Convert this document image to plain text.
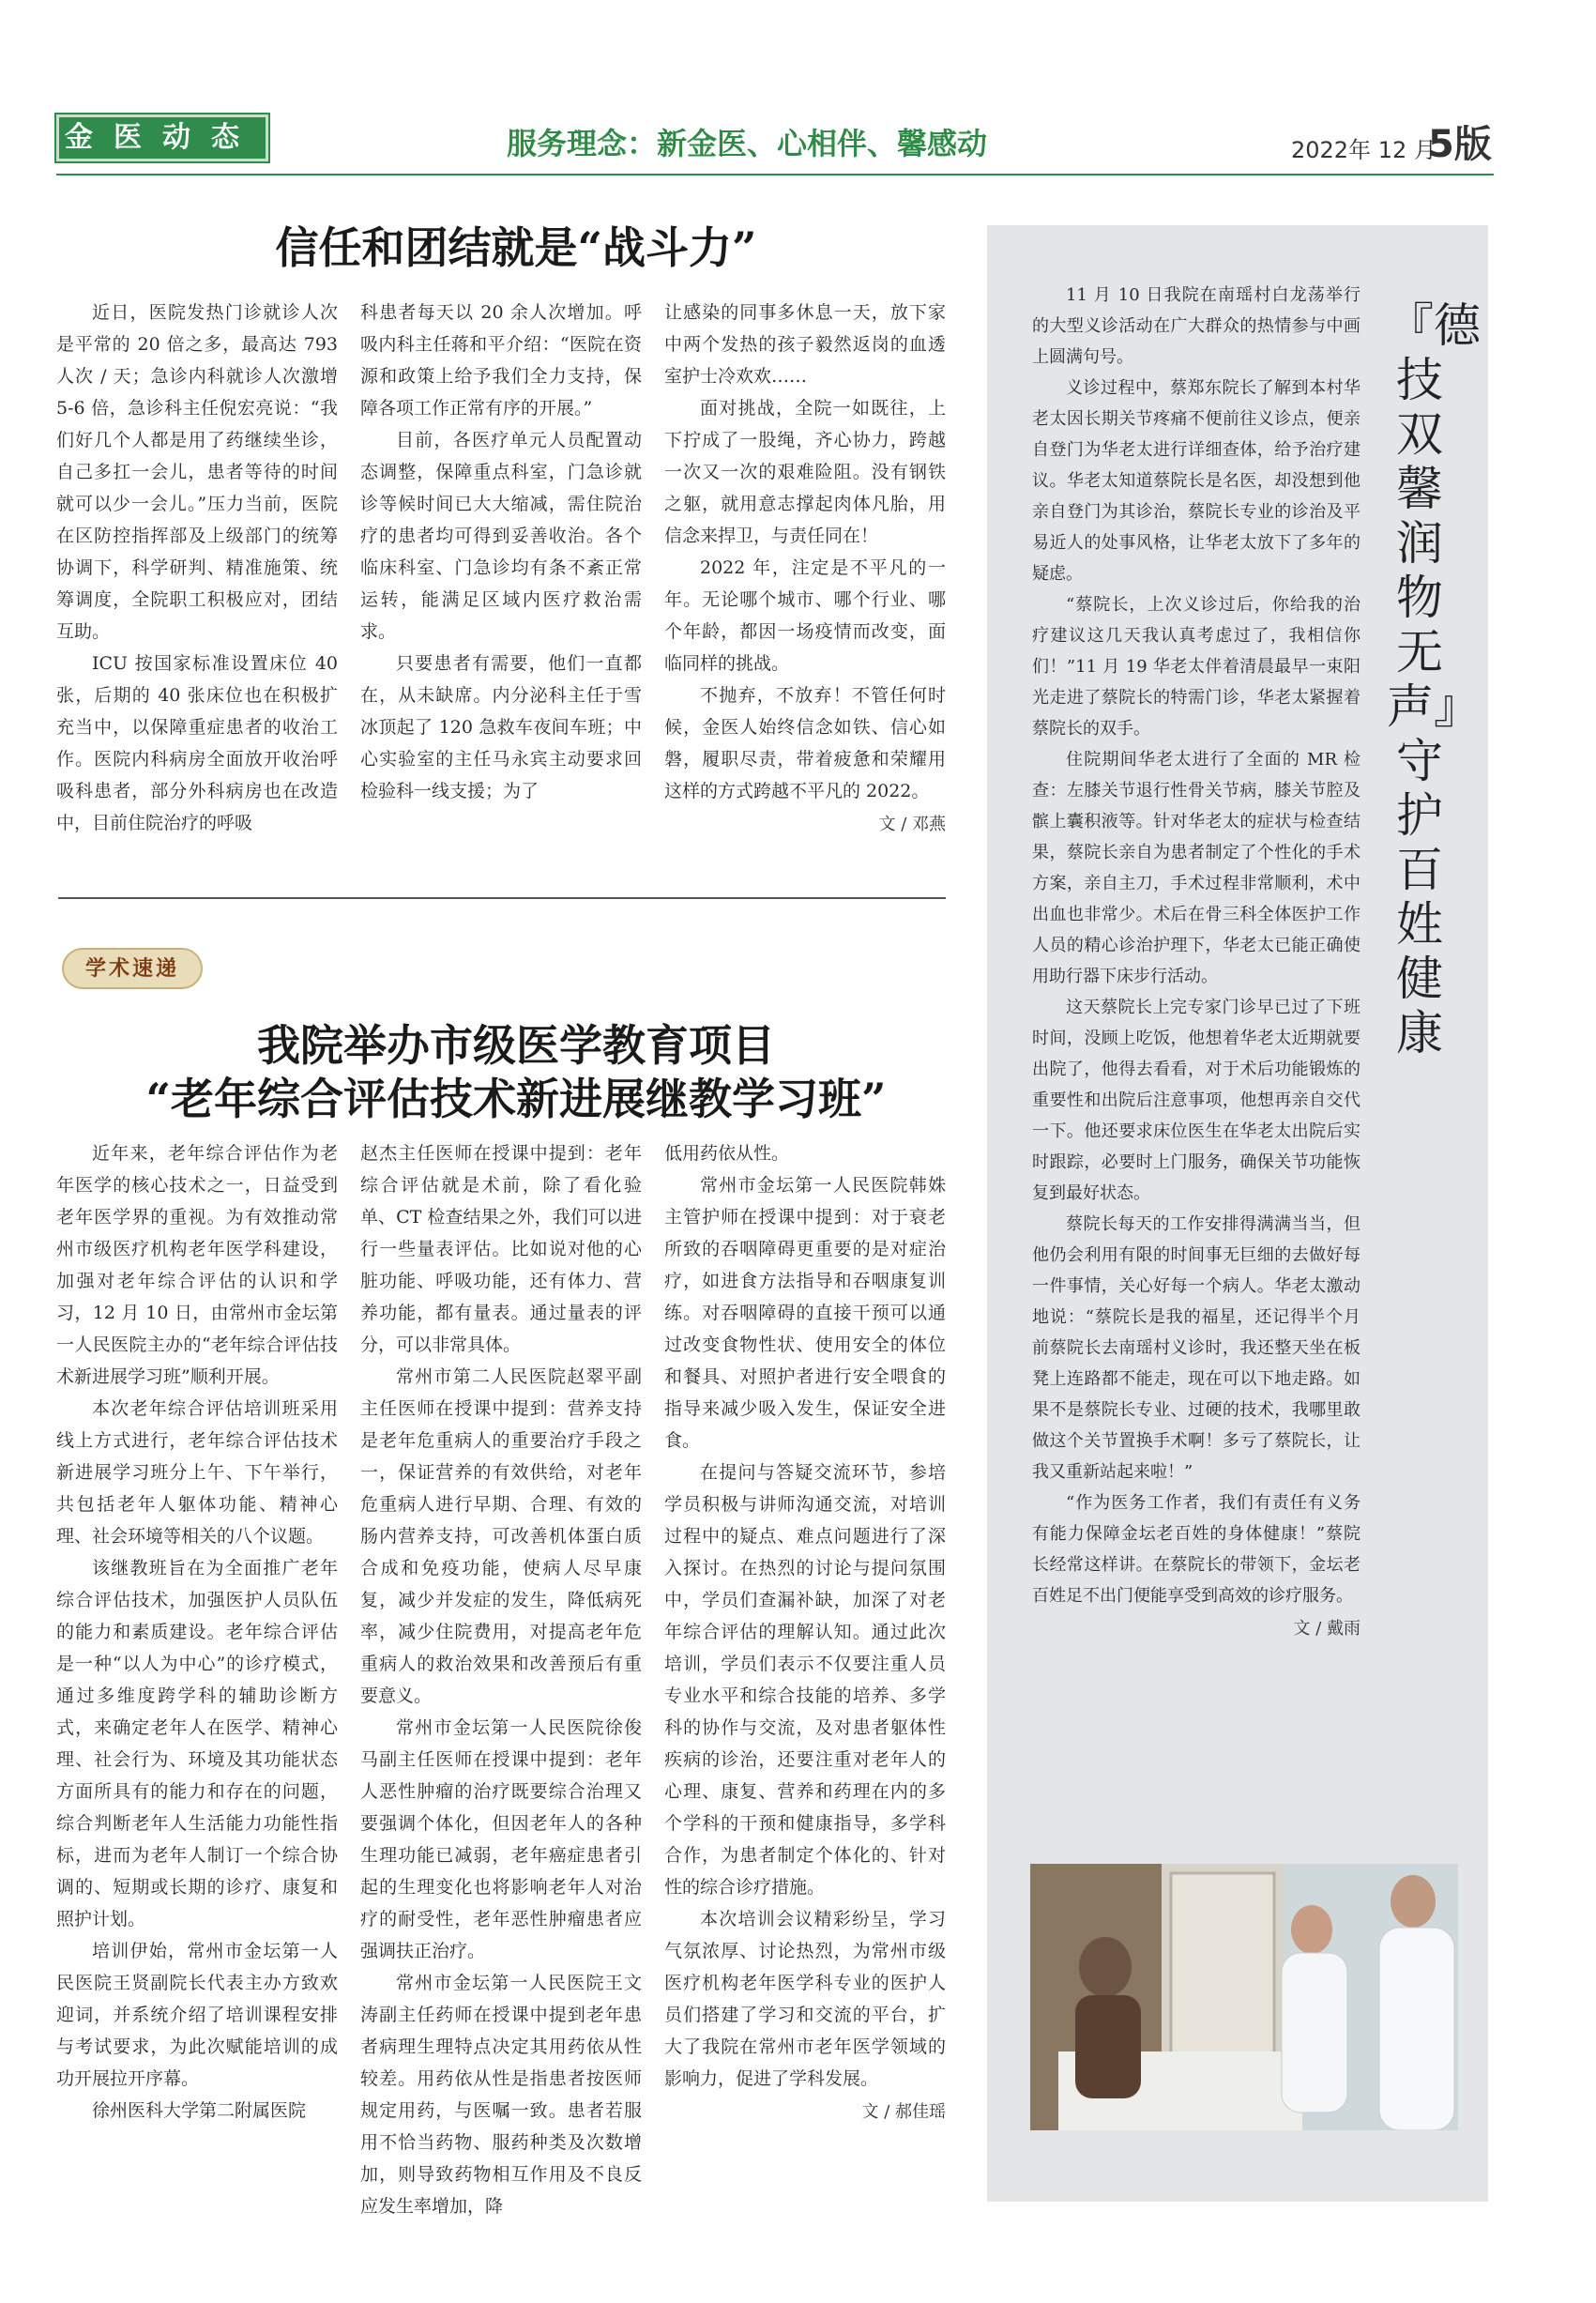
金医动态	服务理念：新金医、心相伴、馨感动	2022年 12 月
5版
信任和团结就是“战斗力”

近日，医院发热门诊就诊人次是平常的 20 倍之多，最高达 793 人次 / 天；急诊内科就诊人次激增 5-6 倍，急诊科主任倪宏亮说：“我们好几个人都是用了药继续坐诊，自己多扛一会儿，患者等待的时间就可以少一会儿。”压力当前，医院在区防控指挥部及上级部门的统筹协调下，科学研判、精准施策、统筹调度，全院职工积极应对，团结互助。

ICU 按国家标准设置床位 40 张，后期的 40 张床位也在积极扩充当中，以保障重症患者的收治工作。医院内科病房全面放开收治呼吸科患者，部分外科病房也在改造中，目前住院治疗的呼吸

科患者每天以 20 余人次增加。呼吸内科主任蒋和平介绍：“医院在资源和政策上给予我们全力支持，保障各项工作正常有序的开展。”

目前，各医疗单元人员配置动态调整，保障重点科室，门急诊就诊等候时间已大大缩减，需住院治疗的患者均可得到妥善收治。各个临床科室、门急诊均有条不紊正常运转，能满足区域内医疗救治需求。

只要患者有需要，他们一直都在，从未缺席。内分泌科主任于雪冰顶起了 120 急救车夜间车班；中心实验室的主任马永宾主动要求回检验科一线支援；为了

让感染的同事多休息一天，放下家中两个发热的孩子毅然返岗的血透室护士冷欢欢……

面对挑战，全院一如既往，上下拧成了一股绳，齐心协力，跨越一次又一次的艰难险阻。没有钢铁之躯，就用意志撑起肉体凡胎，用信念来捍卫，与责任同在！

2022 年，注定是不平凡的一年。无论哪个城市、哪个行业、哪个年龄，都因一场疫情而改变，面临同样的挑战。

不抛弃，不放弃！不管任何时候，金医人始终信念如铁、信心如磐，履职尽责，带着疲惫和荣耀用这样的方式跨越不平凡的 2022。

文 / 邓燕
学术速递
我院举办市级医学教育项目
“老年综合评估技术新进展继教学习班”

近年来，老年综合评估作为老年医学的核心技术之一，日益受到老年医学界的重视。为有效推动常州市级医疗机构老年医学科建设，加强对老年综合评估的认识和学习，12 月 10 日，由常州市金坛第一人民医院主办的“老年综合评估技术新进展学习班”顺利开展。

本次老年综合评估培训班采用线上方式进行，老年综合评估技术新进展学习班分上午、下午举行，共包括老年人躯体功能、精神心理、社会环境等相关的八个议题。

该继教班旨在为全面推广老年综合评估技术，加强医护人员队伍的能力和素质建设。老年综合评估是一种“以人为中心”的诊疗模式，通过多维度跨学科的辅助诊断方式，来确定老年人在医学、精神心理、社会行为、环境及其功能状态方面所具有的能力和存在的问题，综合判断老年人生活能力功能性指标，进而为老年人制订一个综合协调的、短期或长期的诊疗、康复和照护计划。

培训伊始，常州市金坛第一人民医院王贤副院长代表主办方致欢迎词，并系统介绍了培训课程安排与考试要求，为此次赋能培训的成功开展拉开序幕。

徐州医科大学第二附属医院

赵杰主任医师在授课中提到：老年综合评估就是术前，除了看化验单、CT 检查结果之外，我们可以进行一些量表评估。比如说对他的心脏功能、呼吸功能，还有体力、营养功能，都有量表。通过量表的评分，可以非常具体。

常州市第二人民医院赵翠平副主任医师在授课中提到：营养支持是老年危重病人的重要治疗手段之一，保证营养的有效供给，对老年危重病人进行早期、合理、有效的肠内营养支持，可改善机体蛋白质合成和免疫功能，使病人尽早康复，减少并发症的发生，降低病死率，减少住院费用，对提高老年危重病人的救治效果和改善预后有重要意义。

常州市金坛第一人民医院徐俊马副主任医师在授课中提到：老年人恶性肿瘤的治疗既要综合治理又要强调个体化，但因老年人的各种生理功能已减弱，老年癌症患者引起的生理变化也将影响老年人对治疗的耐受性，老年恶性肿瘤患者应强调扶正治疗。

常州市金坛第一人民医院王文涛副主任药师在授课中提到老年患者病理生理特点决定其用药依从性较差。用药依从性是指患者按医师规定用药，与医嘱一致。患者若服用不恰当药物、服药种类及次数增加，则导致药物相互作用及不良反应发生率增加，降

低用药依从性。

常州市金坛第一人民医院韩姝主管护师在授课中提到：对于衰老所致的吞咽障碍更重要的是对症治疗，如进食方法指导和吞咽康复训练。对吞咽障碍的直接干预可以通过改变食物性状、使用安全的体位和餐具、对照护者进行安全喂食的指导来减少吸入发生，保证安全进食。

在提问与答疑交流环节，参培学员积极与讲师沟通交流，对培训过程中的疑点、难点问题进行了深入探讨。在热烈的讨论与提问氛围中，学员们查漏补缺，加深了对老年综合评估的理解认知。通过此次培训，学员们表示不仅要注重人员专业水平和综合技能的培养、多学科的协作与交流，及对患者躯体性疾病的诊治，还要注重对老年人的心理、康复、营养和药理在内的多个学科的干预和健康指导，多学科合作，为患者制定个体化的、针对性的综合诊疗措施。

本次培训会议精彩纷呈，学习气氛浓厚、讨论热烈，为常州市级医疗机构老年医学科专业的医护人员们搭建了学习和交流的平台，扩大了我院在常州市老年医学领域的影响力，促进了学科发展。

文 / 郝佳瑶
『德技双馨 润物无声』守护百姓健康

11 月 10 日我院在南瑶村白龙荡举行的大型义诊活动在广大群众的热情参与中画上圆满句号。

义诊过程中，蔡郑东院长了解到本村华老太因长期关节疼痛不便前往义诊点，便亲自登门为华老太进行详细查体，给予治疗建议。华老太知道蔡院长是名医，却没想到他亲自登门为其诊治，蔡院长专业的诊治及平易近人的处事风格，让华老太放下了多年的疑虑。

“蔡院长，上次义诊过后，你给我的治疗建议这几天我认真考虑过了，我相信你们！”11 月 19 华老太伴着清晨最早一束阳光走进了蔡院长的特需门诊，华老太紧握着蔡院长的双手。

住院期间华老太进行了全面的 MR 检查：左膝关节退行性骨关节病，膝关节腔及髌上囊积液等。针对华老太的症状与检查结果，蔡院长亲自为患者制定了个性化的手术方案，亲自主刀，手术过程非常顺利，术中出血也非常少。术后在骨三科全体医护工作人员的精心诊治护理下，华老太已能正确使用助行器下床步行活动。

这天蔡院长上完专家门诊早已过了下班时间，没顾上吃饭，他想着华老太近期就要出院了，他得去看看，对于术后功能锻炼的重要性和出院后注意事项，他想再亲自交代一下。他还要求床位医生在华老太出院后实时跟踪，必要时上门服务，确保关节功能恢复到最好状态。

蔡院长每天的工作安排得满满当当，但他仍会利用有限的时间事无巨细的去做好每一件事情，关心好每一个病人。华老太激动地说：“蔡院长是我的福星，还记得半个月前蔡院长去南瑶村义诊时，我还整天坐在板凳上连路都不能走，现在可以下地走路。如果不是蔡院长专业、过硬的技术，我哪里敢做这个关节置换手术啊！多亏了蔡院长，让我又重新站起来啦！”

“作为医务工作者，我们有责任有义务有能力保障金坛老百姓的身体健康！”蔡院长经常这样讲。在蔡院长的带领下，金坛老百姓足不出门便能享受到高效的诊疗服务。

文 / 戴雨
